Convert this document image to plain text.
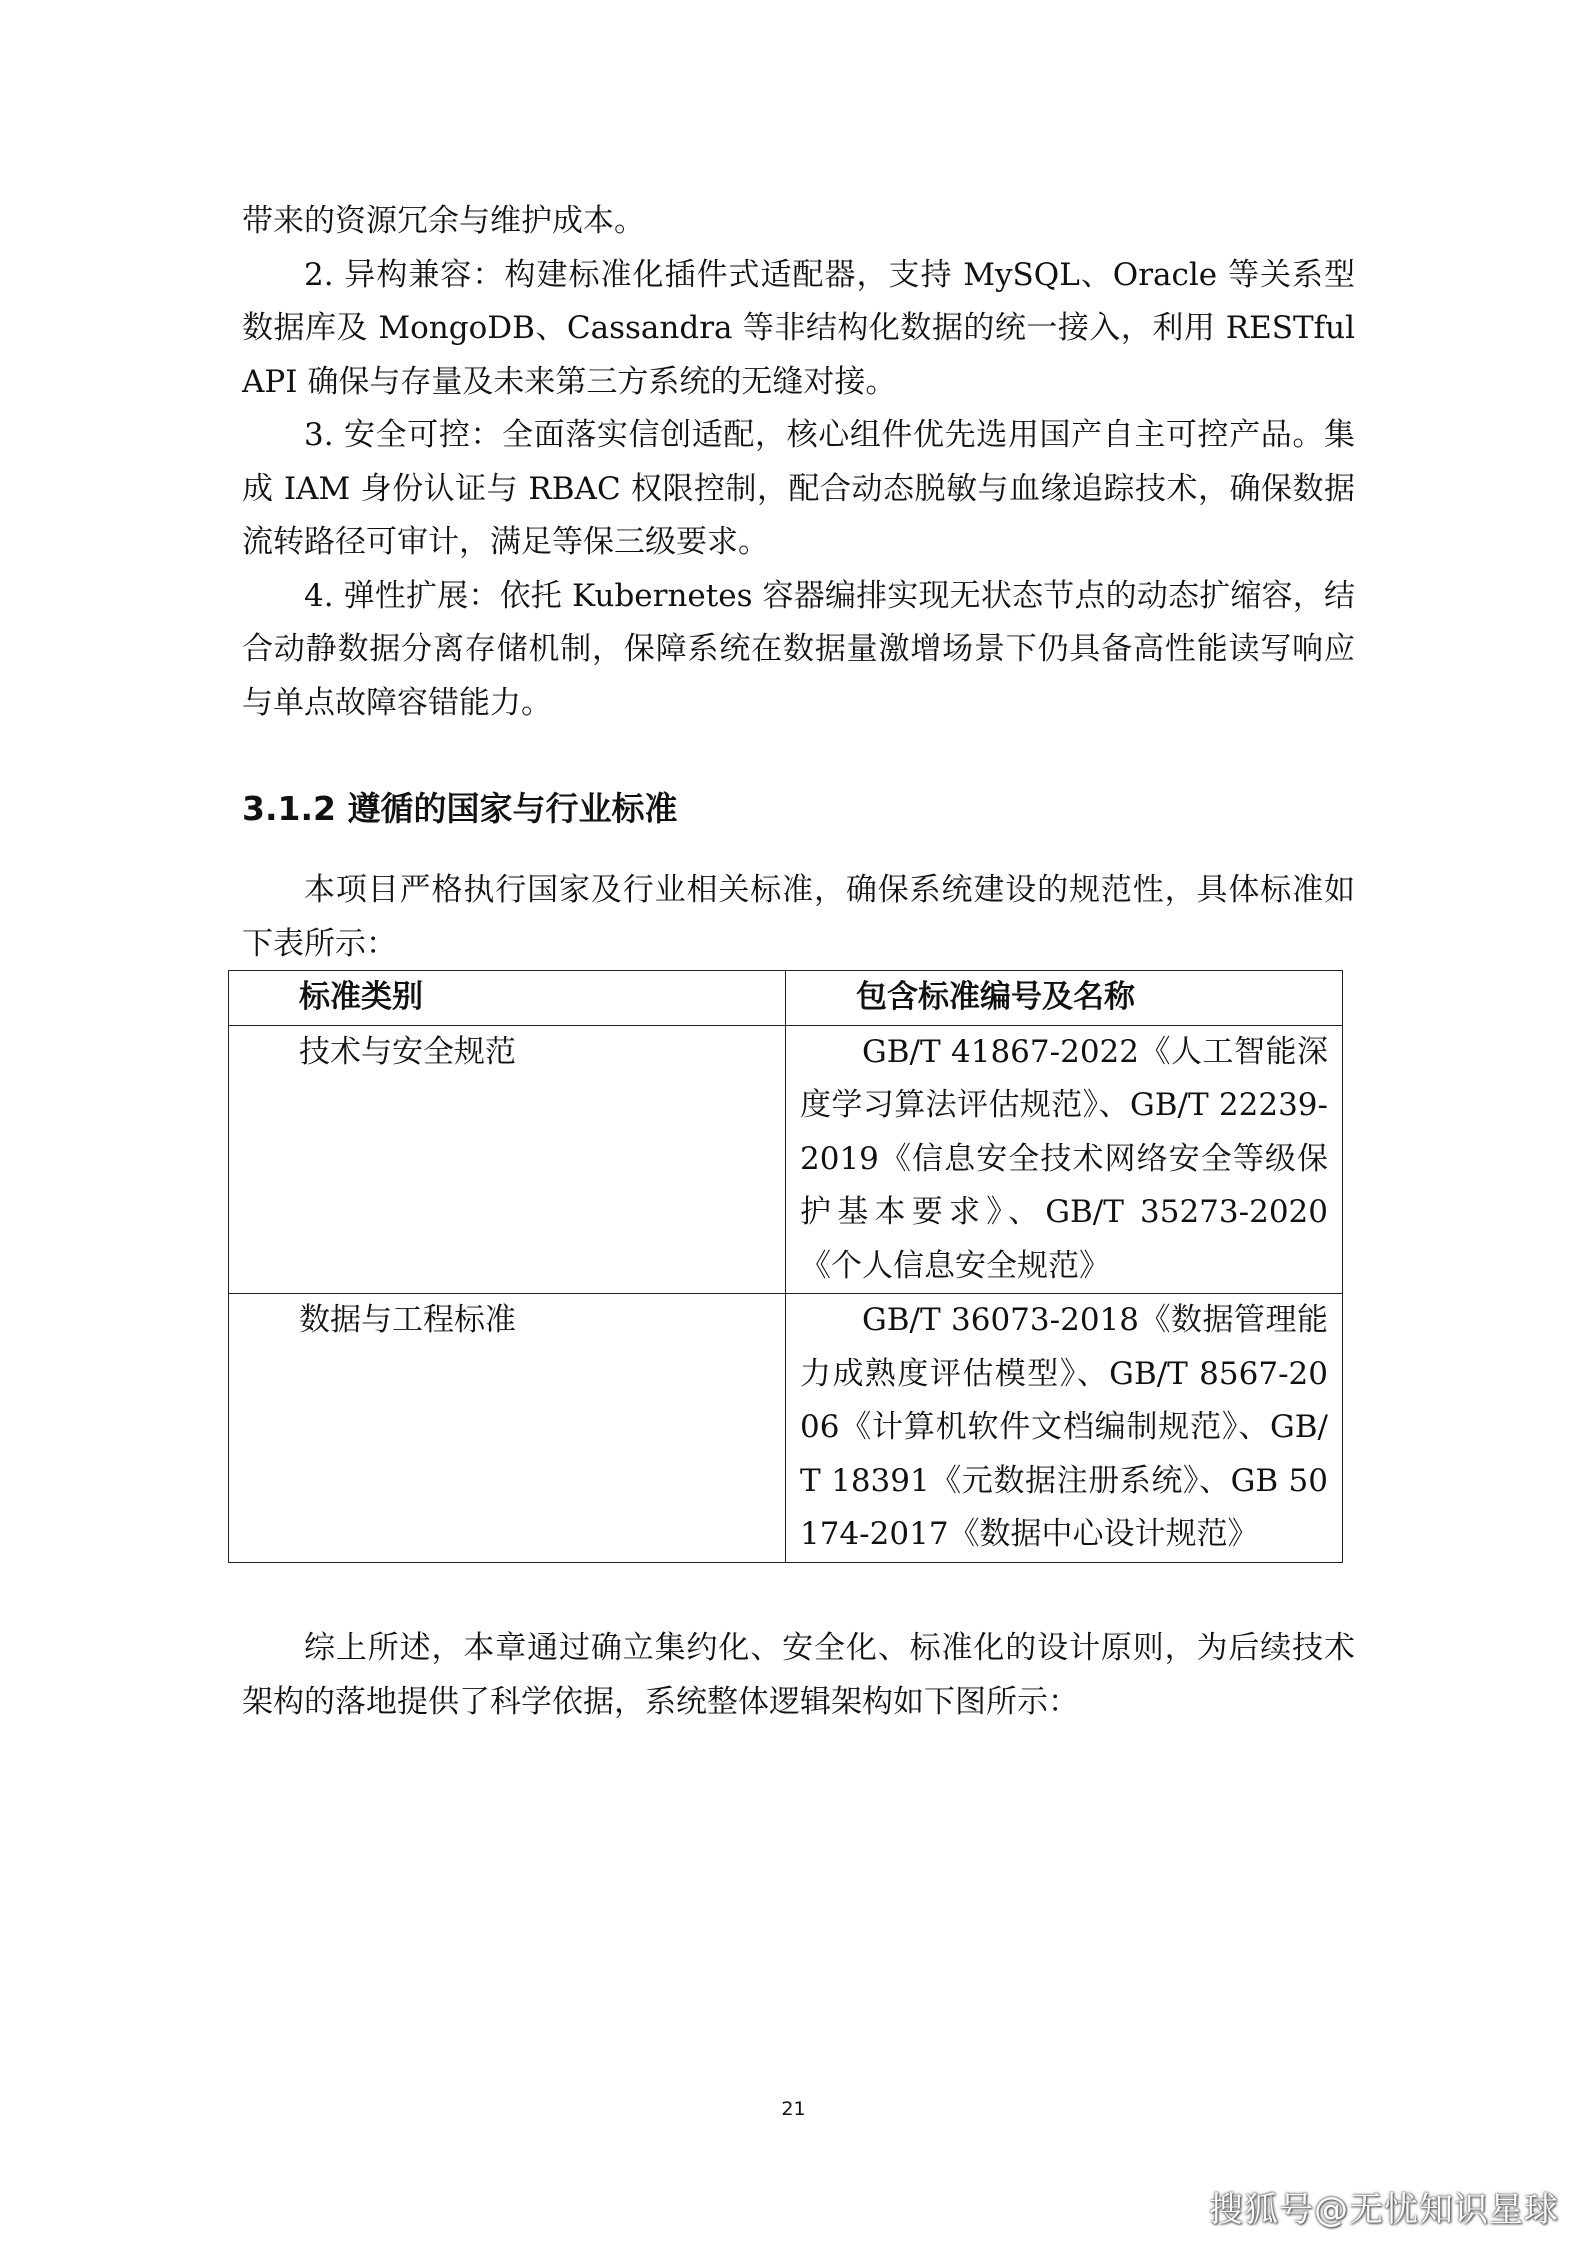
带来的资源冗余与维护成本。

2. 异构兼容：构建标准化插件式适配器，支持 MySQL、Oracle 等关系型数据库及 MongoDB、Cassandra 等非结构化数据的统一接入，利用 RESTful API 确保与存量及未来第三方系统的无缝对接。

3. 安全可控：全面落实信创适配，核心组件优先选用国产自主可控产品。集成 IAM 身份认证与 RBAC 权限控制，配合动态脱敏与血缘追踪技术，确保数据流转路径可审计，满足等保三级要求。

4. 弹性扩展：依托 Kubernetes 容器编排实现无状态节点的动态扩缩容，结合动静数据分离存储机制，保障系统在数据量激增场景下仍具备高性能读写响应与单点故障容错能力。

3.1.2 遵循的国家与行业标准

本项目严格执行国家及行业相关标准，确保系统建设的规范性，具体标准如下表所示：

标准类别	包含标准编号及名称
技术与安全规范	GB/T 41867-2022《人工智能深度学习算法评估规范》、GB/T 22239-2019《信息安全技术网络安全等级保护基本要求》、GB/T 35273-2020《个人信息安全规范》
数据与工程标准	GB/T 36073-2018《数据管理能力成熟度评估模型》、GB/T 8567-2006《计算机软件文档编制规范》、GB/T 18391《元数据注册系统》、GB 50174-2017《数据中心设计规范》

综上所述，本章通过确立集约化、安全化、标准化的设计原则，为后续技术架构的落地提供了科学依据，系统整体逻辑架构如下图所示：

21
搜狐号@无忧知识星球
